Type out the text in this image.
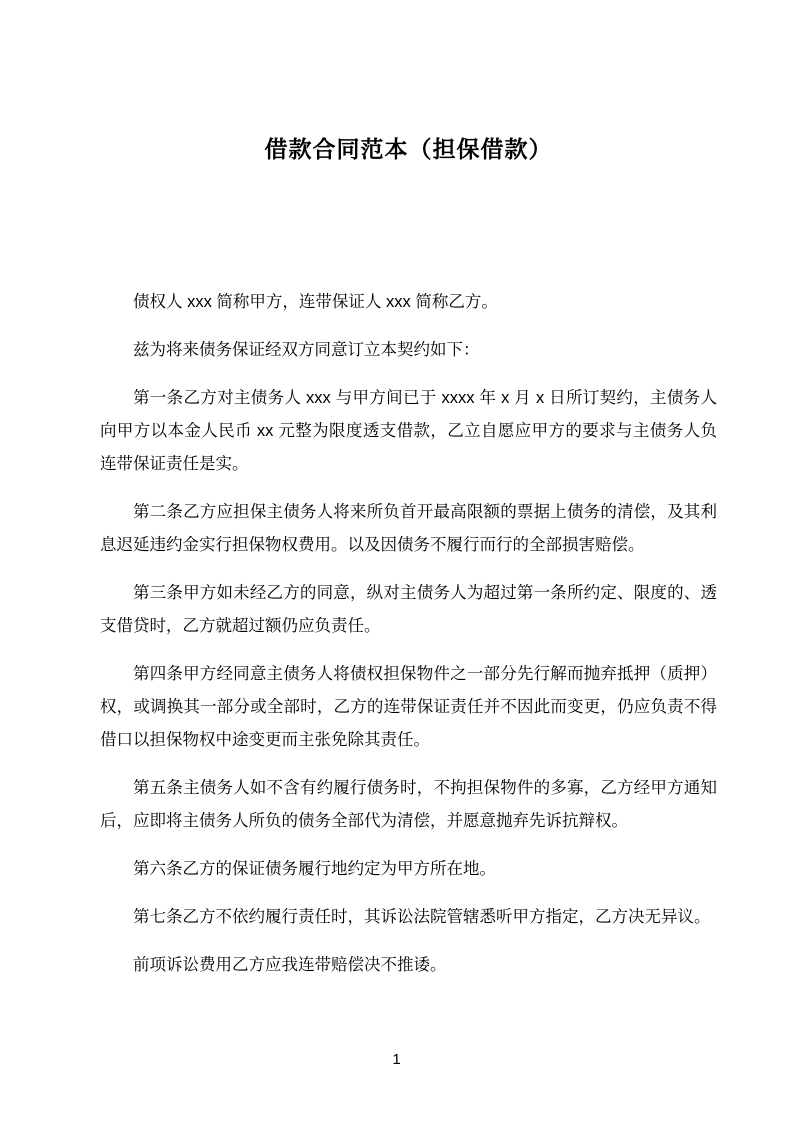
借款合同范本（担保借款）

债权人 xxx 简称甲方，连带保证人 xxx 简称乙方。

兹为将来债务保证经双方同意订立本契约如下：

第一条乙方对主债务人 xxx 与甲方间已于 xxxx 年 x 月 x 日所订契约，主债务人向甲方以本金人民币 xx 元整为限度透支借款，乙立自愿应甲方的要求与主债务人负连带保证责任是实。

第二条乙方应担保主债务人将来所负首开最高限额的票据上债务的清偿，及其利息迟延违约金实行担保物权费用。以及因债务不履行而行的全部损害赔偿。

第三条甲方如未经乙方的同意，纵对主债务人为超过第一条所约定、限度的、透支借贷时，乙方就超过额仍应负责任。

第四条甲方经同意主债务人将债权担保物件之一部分先行解而抛弃抵押（质押）权，或调换其一部分或全部时，乙方的连带保证责任并不因此而变更，仍应负责不得借口以担保物权中途变更而主张免除其责任。

第五条主债务人如不含有约履行债务时，不拘担保物件的多寡，乙方经甲方通知后，应即将主债务人所负的债务全部代为清偿，并愿意抛弃先诉抗辩权。

第六条乙方的保证债务履行地约定为甲方所在地。

第七条乙方不依约履行责任时，其诉讼法院管辖悉听甲方指定，乙方决无异议。

前项诉讼费用乙方应我连带赔偿决不推诿。

1
